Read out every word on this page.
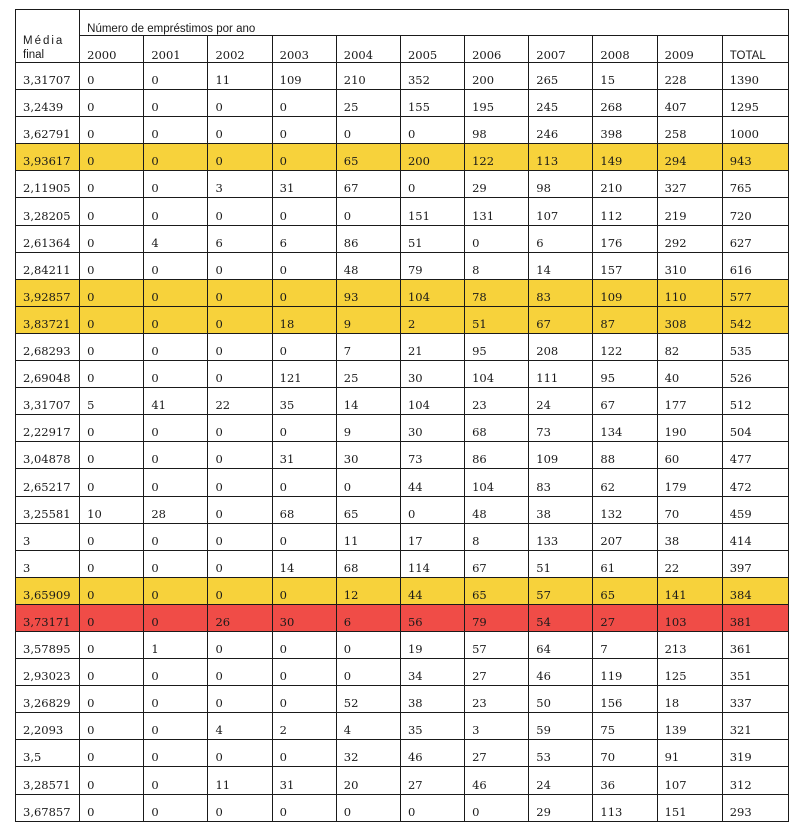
Média
final	Número de empréstimos por ano										
	2000	2001	2002	2003	2004	2005	2006	2007	2008	2009	TOTAL
3,31707	0	0	11	109	210	352	200	265	15	228	1390
3,2439	0	0	0	0	25	155	195	245	268	407	1295
3,62791	0	0	0	0	0	0	98	246	398	258	1000
3,93617	0	0	0	0	65	200	122	113	149	294	943
2,11905	0	0	3	31	67	0	29	98	210	327	765
3,28205	0	0	0	0	0	151	131	107	112	219	720
2,61364	0	4	6	6	86	51	0	6	176	292	627
2,84211	0	0	0	0	48	79	8	14	157	310	616
3,92857	0	0	0	0	93	104	78	83	109	110	577
3,83721	0	0	0	18	9	2	51	67	87	308	542
2,68293	0	0	0	0	7	21	95	208	122	82	535
2,69048	0	0	0	121	25	30	104	111	95	40	526
3,31707	5	41	22	35	14	104	23	24	67	177	512
2,22917	0	0	0	0	9	30	68	73	134	190	504
3,04878	0	0	0	31	30	73	86	109	88	60	477
2,65217	0	0	0	0	0	44	104	83	62	179	472
3,25581	10	28	0	68	65	0	48	38	132	70	459
3	0	0	0	0	11	17	8	133	207	38	414
3	0	0	0	14	68	114	67	51	61	22	397
3,65909	0	0	0	0	12	44	65	57	65	141	384
3,73171	0	0	26	30	6	56	79	54	27	103	381
3,57895	0	1	0	0	0	19	57	64	7	213	361
2,93023	0	0	0	0	0	34	27	46	119	125	351
3,26829	0	0	0	0	52	38	23	50	156	18	337
2,2093	0	0	4	2	4	35	3	59	75	139	321
3,5	0	0	0	0	32	46	27	53	70	91	319
3,28571	0	0	11	31	20	27	46	24	36	107	312
3,67857	0	0	0	0	0	0	0	29	113	151	293
